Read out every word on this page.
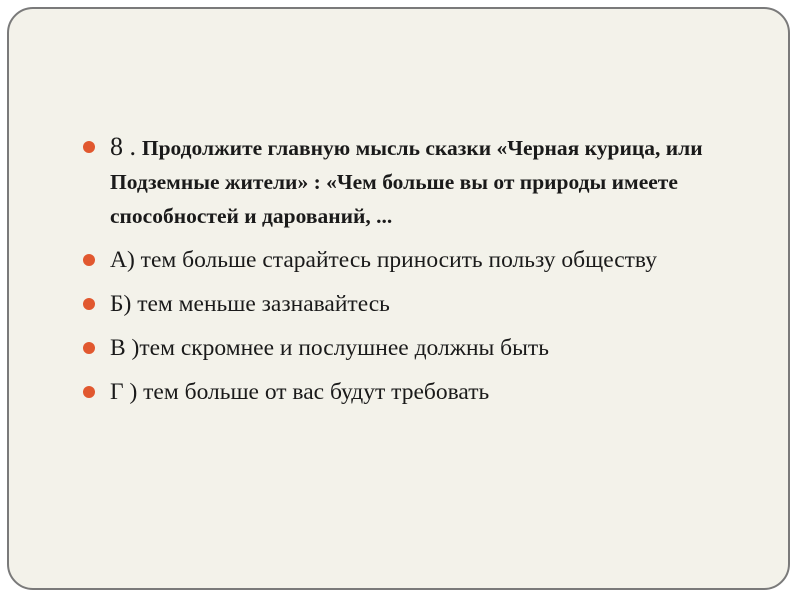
8 . Продолжите главную мысль сказки «Черная курица, или Подземные жители» : «Чем больше вы от природы имеете способностей и дарований, ...
А) тем больше старайтесь приносить пользу обществу
Б) тем меньше зазнавайтесь
В )тем скромнее и послушнее должны быть
Г ) тем больше от вас будут требовать
